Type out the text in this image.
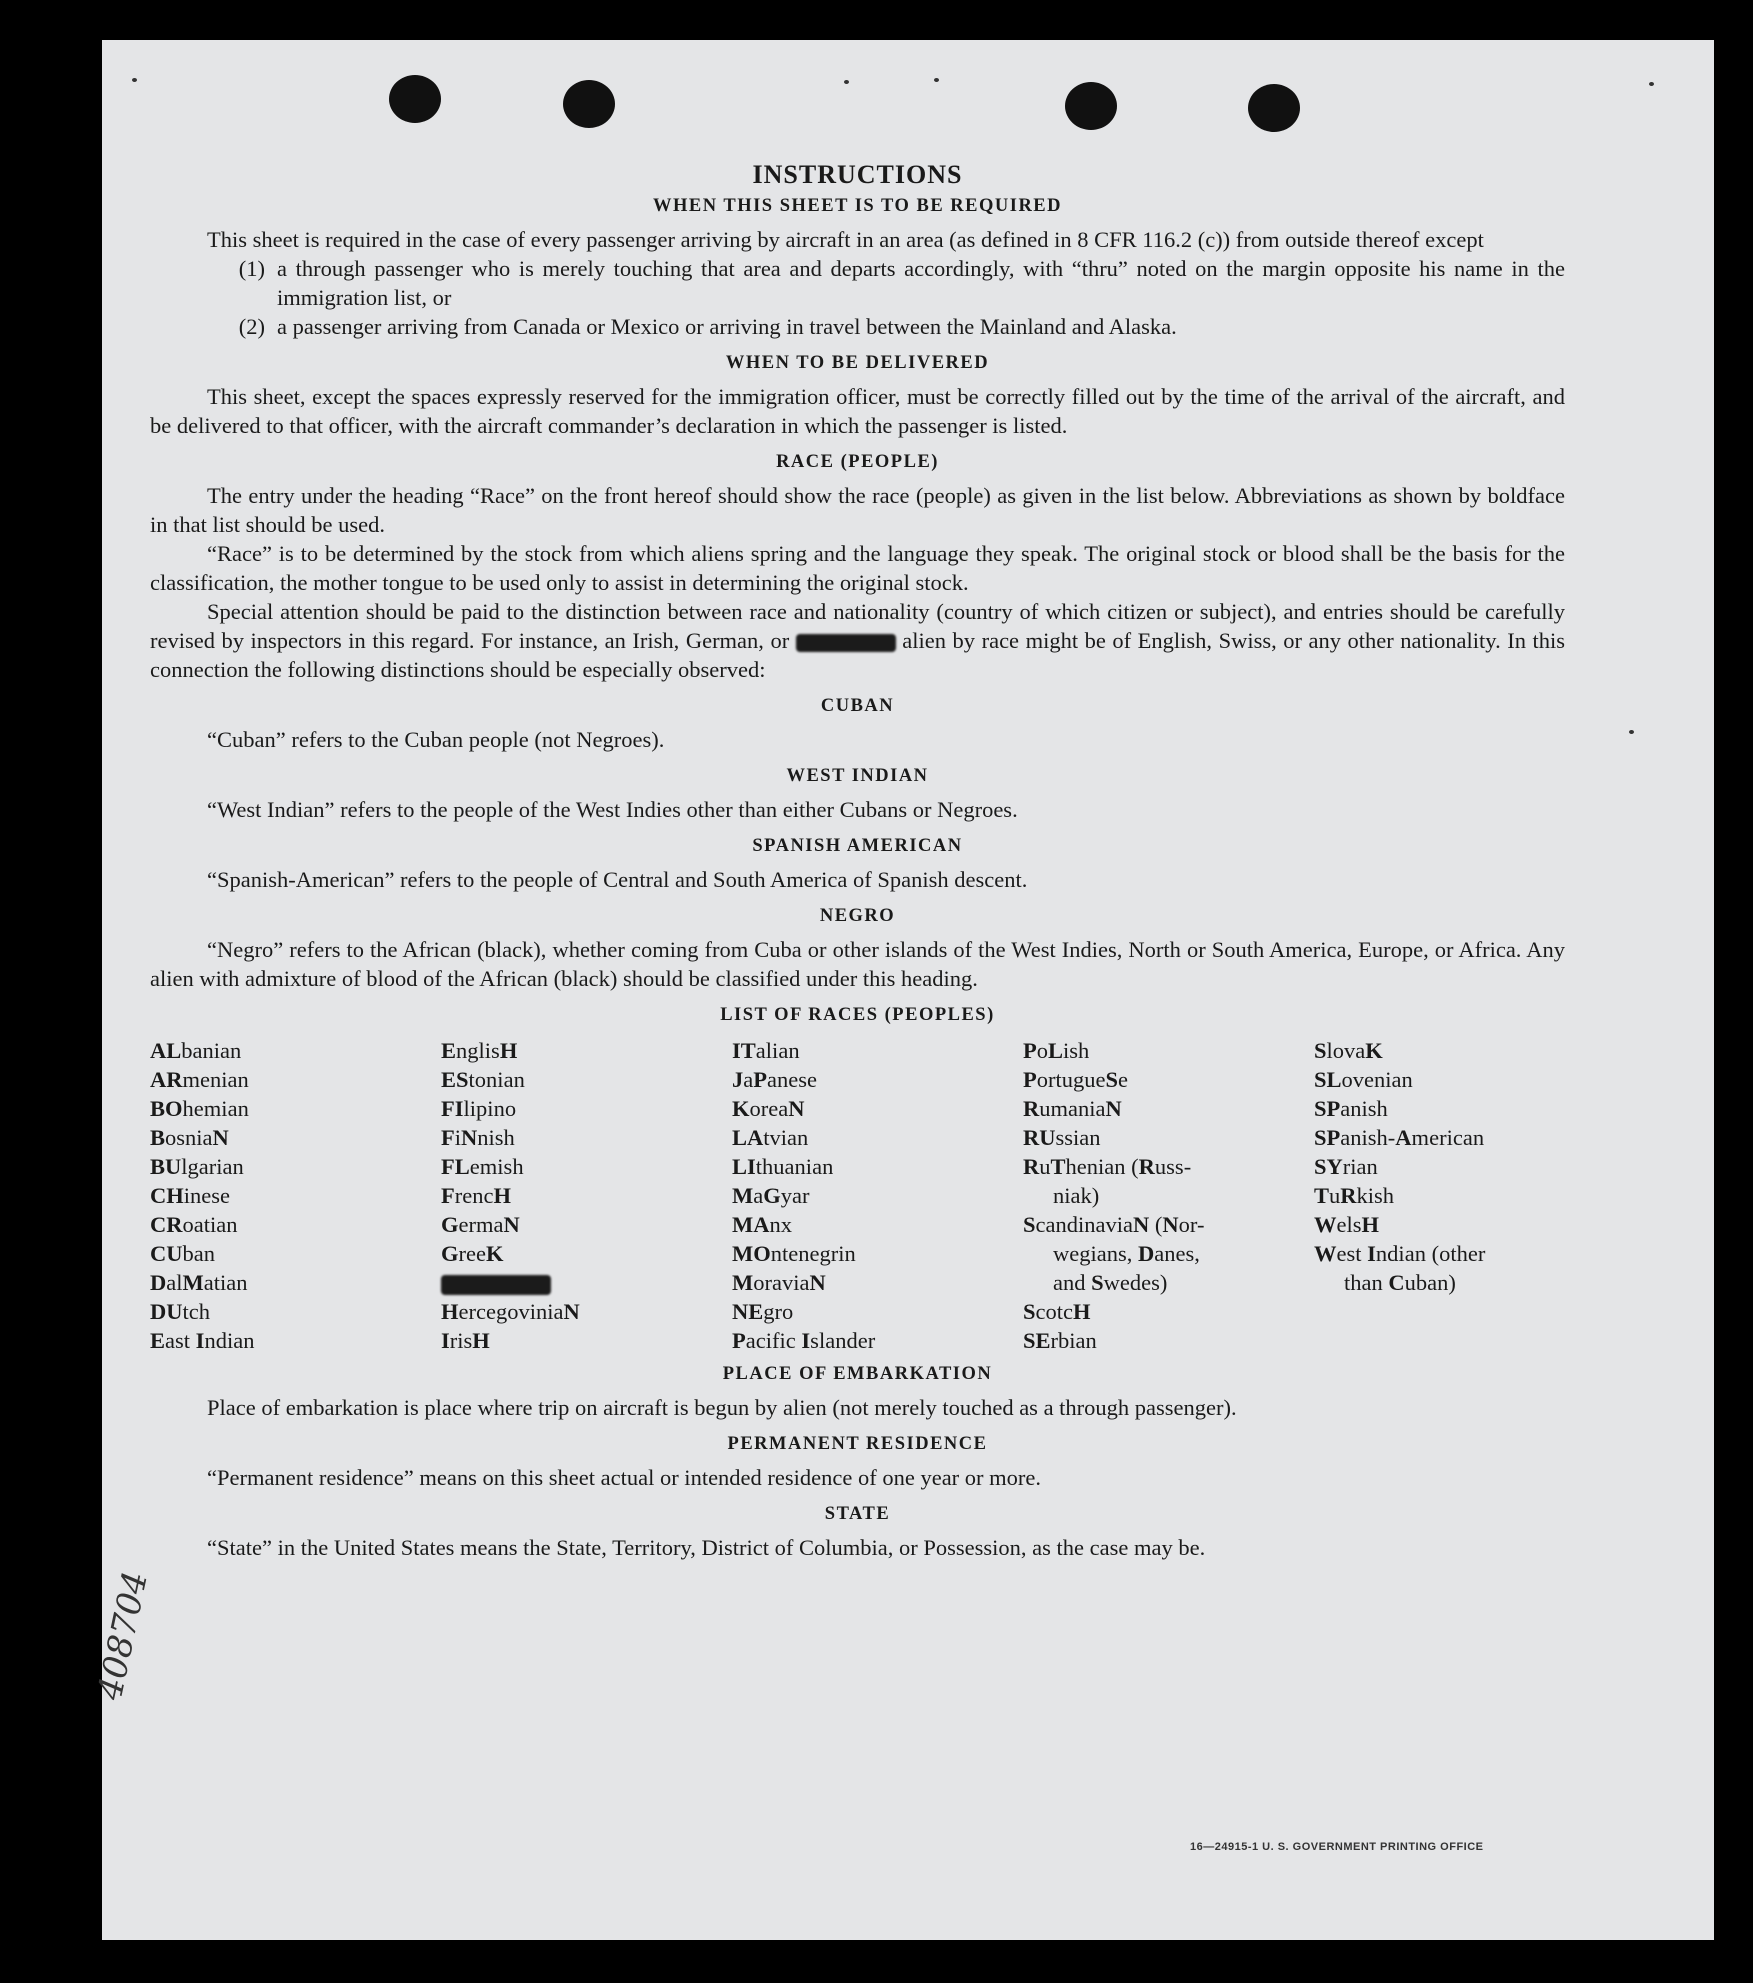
INSTRUCTIONS
WHEN THIS SHEET IS TO BE REQUIRED

This sheet is required in the case of every passenger arriving by aircraft in an area (as defined in 8 CFR 116.2 (c)) from outside thereof except

(1) a through passenger who is merely touching that area and departs accordingly, with “thru” noted on the margin opposite his name in the immigration list, or
(2) a passenger arriving from Canada or Mexico or arriving in travel between the Mainland and Alaska.
WHEN TO BE DELIVERED

This sheet, except the spaces expressly reserved for the immigration officer, must be correctly filled out by the time of the arrival of the aircraft, and be delivered to that officer, with the aircraft commander’s declaration in which the passenger is listed.

RACE (PEOPLE)

The entry under the heading “Race” on the front hereof should show the race (people) as given in the list below. Abbreviations as shown by boldface in that list should be used.

“Race” is to be determined by the stock from which aliens spring and the language they speak. The original stock or blood shall be the basis for the classification, the mother tongue to be used only to assist in determining the original stock.

Special attention should be paid to the distinction between race and nationality (country of which citizen or subject), and entries should be carefully revised by inspectors in this regard. For instance, an Irish, German, or	alien by race might be of English, Swiss, or any other nationality. In this connection the following distinctions should be especially observed:

CUBAN

“Cuban” refers to the Cuban people (not Negroes).

WEST INDIAN

“West Indian” refers to the people of the West Indies other than either Cubans or Negroes.

SPANISH AMERICAN

“Spanish-American” refers to the people of Central and South America of Spanish descent.

NEGRO

“Negro” refers to the African (black), whether coming from Cuba or other islands of the West Indies, North or South America, Europe, or Africa. Any alien with admixture of blood of the African (black) should be classified under this heading.

LIST OF RACES (PEOPLES)
ALbanian
ARmenian
BOhemian
BosniaN
BUlgarian
CHinese
CRoatian
CUban
DalMatian
DUtch
East Indian
EnglisH
EStonian
FIlipino
FiNnish
FLemish
FrencH
GermaN
GreeK
HercegoviniaN
IrisH
ITalian
JaPanese
KoreaN
LAtvian
LIthuanian
MaGyar
MAnx
MOntenegrin
MoraviaN
NEgro
Pacific Islander
PoLish
PortugueSe
RumaniaN
RUssian
RuThenian (Russ-
niak)
ScandinaviaN (Nor-
wegians, Danes,
and Swedes)
ScotcH
SErbian
SlovaK
SLovenian
SPanish
SPanish-American
SYrian
TuRkish
WelsH
West Indian (other
than Cuban)
PLACE OF EMBARKATION

Place of embarkation is place where trip on aircraft is begun by alien (not merely touched as a through passenger).

PERMANENT RESIDENCE

“Permanent residence” means on this sheet actual or intended residence of one year or more.

STATE

“State” in the United States means the State, Territory, District of Columbia, or Possession, as the case may be.

16—24915-1 U. S. GOVERNMENT PRINTING OFFICE
408704
